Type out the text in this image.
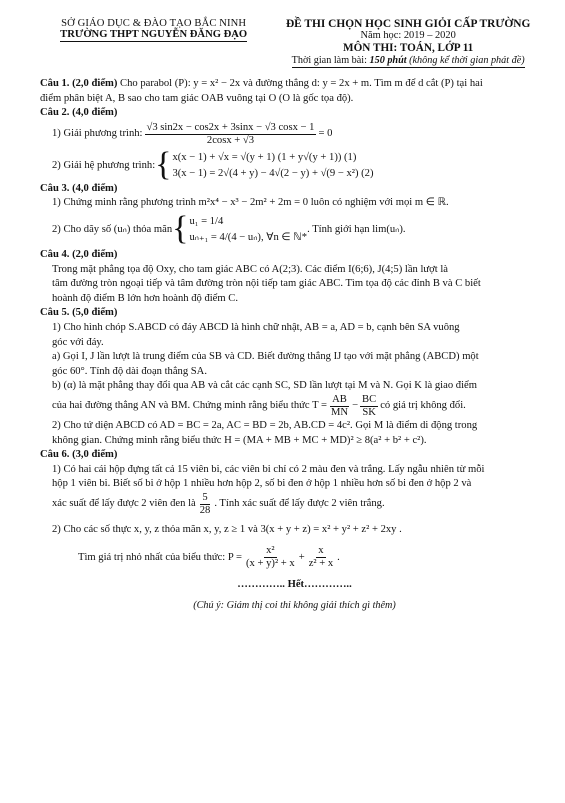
SỞ GIÁO DỤC & ĐÀO TẠO BẮC NINH
TRƯỜNG THPT NGUYỄN ĐĂNG ĐẠO
ĐỀ THI CHỌN HỌC SINH GIỎI CẤP TRƯỜNG
Năm học: 2019 – 2020
MÔN THI: TOÁN, LỚP 11
Thời gian làm bài: 150 phút (không kể thời gian phát đề)
Câu 1. (2,0 điểm) Cho parabol (P): y = x² − 2x và đường thẳng d: y = 2x + m. Tìm m để d cắt (P) tại hai
điểm phân biệt A, B sao cho tam giác OAB vuông tại O (O là gốc tọa độ).
Câu 2. (4,0 điểm)
1) Giải phương trình: $\frac{√3 \sin 2x - \cos 2x + 3\sin x - √3 \cos x - 1}{2\cos x + √3} = 0$
2) Giải hệ phương trình: { x(x − 1) + √x = √(y + 1) (1 + y√(y + 1)) (1)
3(x − 1) = 2√(4 + y) − 4√(2 − y) + √(9 − x²) (2)
Câu 3. (4,0 điểm)
1) Chứng minh rằng phương trình m²x⁴ − x³ − 2m² + 2m = 0 luôn có nghiệm với mọi m ∈ ℝ.
2) Cho dãy số (uₙ) thỏa mãn { u₁ = 1/4
uₙ₊₁ = 4/(4 − uₙ), ∀n ∈ ℕ*
. Tính giới hạn lim(uₙ).
Câu 4. (2,0 điểm)
Trong mặt phẳng tọa độ Oxy, cho tam giác ABC có A(2;3). Các điểm I(6;6), J(4;5) lần lượt là
tâm đường tròn ngoại tiếp và tâm đường tròn nội tiếp tam giác ABC. Tìm tọa độ các đỉnh B và C biết
hoành độ điểm B lớn hơn hoành độ điểm C.
Câu 5. (5,0 điểm)
1) Cho hình chóp S.ABCD có đáy ABCD là hình chữ nhật, AB = a, AD = b, cạnh bên SA vuông
góc với đáy.
a) Gọi I, J lần lượt là trung điểm của SB và CD. Biết đường thẳng IJ tạo với mặt phẳng (ABCD) một
góc 60°. Tính độ dài đoạn thẳng SA.
b) (α) là mặt phẳng thay đổi qua AB và cắt các cạnh SC, SD lần lượt tại M và N. Gọi K là giao điểm
của hai đường thẳng AN và BM. Chứng minh rằng biểu thức $T = \frac{AB}{MN} - \frac{BC}{SK}$ có giá trị không đổi.
2) Cho tứ diện ABCD có AD = BC = 2a, AC = BD = 2b, AB.CD = 4c². Gọi M là điểm di động trong
không gian. Chứng minh rằng biểu thức H = (MA + MB + MC + MD)² ≥ 8(a² + b² + c²).
Câu 6. (3,0 điểm)
1) Có hai cái hộp đựng tất cả 15 viên bi, các viên bi chỉ có 2 màu đen và trắng. Lấy ngẫu nhiên từ mỗi
hộp 1 viên bi. Biết số bi ở hộp 1 nhiều hơn hộp 2, số bi đen ở hộp 1 nhiều hơn số bi đen ở hộp 2 và
xác suất để lấy được 2 viên đen là $\frac{5}{28}$ . Tính xác suất để lấy được 2 viên trắng.
2) Cho các số thực x, y, z thỏa mãn x, y, z ≥ 1 và 3(x + y + z) = x² + y² + z² + 2xy .
Tìm giá trị nhỏ nhất của biểu thức: $P = \frac{\text{x²}}{\text{(x + y)² + x}} + \frac{x}{\text{z² + x}}$ .
………….. Hết…………..
(Chú ý: Giám thị coi thi không giải thích gì thêm)
